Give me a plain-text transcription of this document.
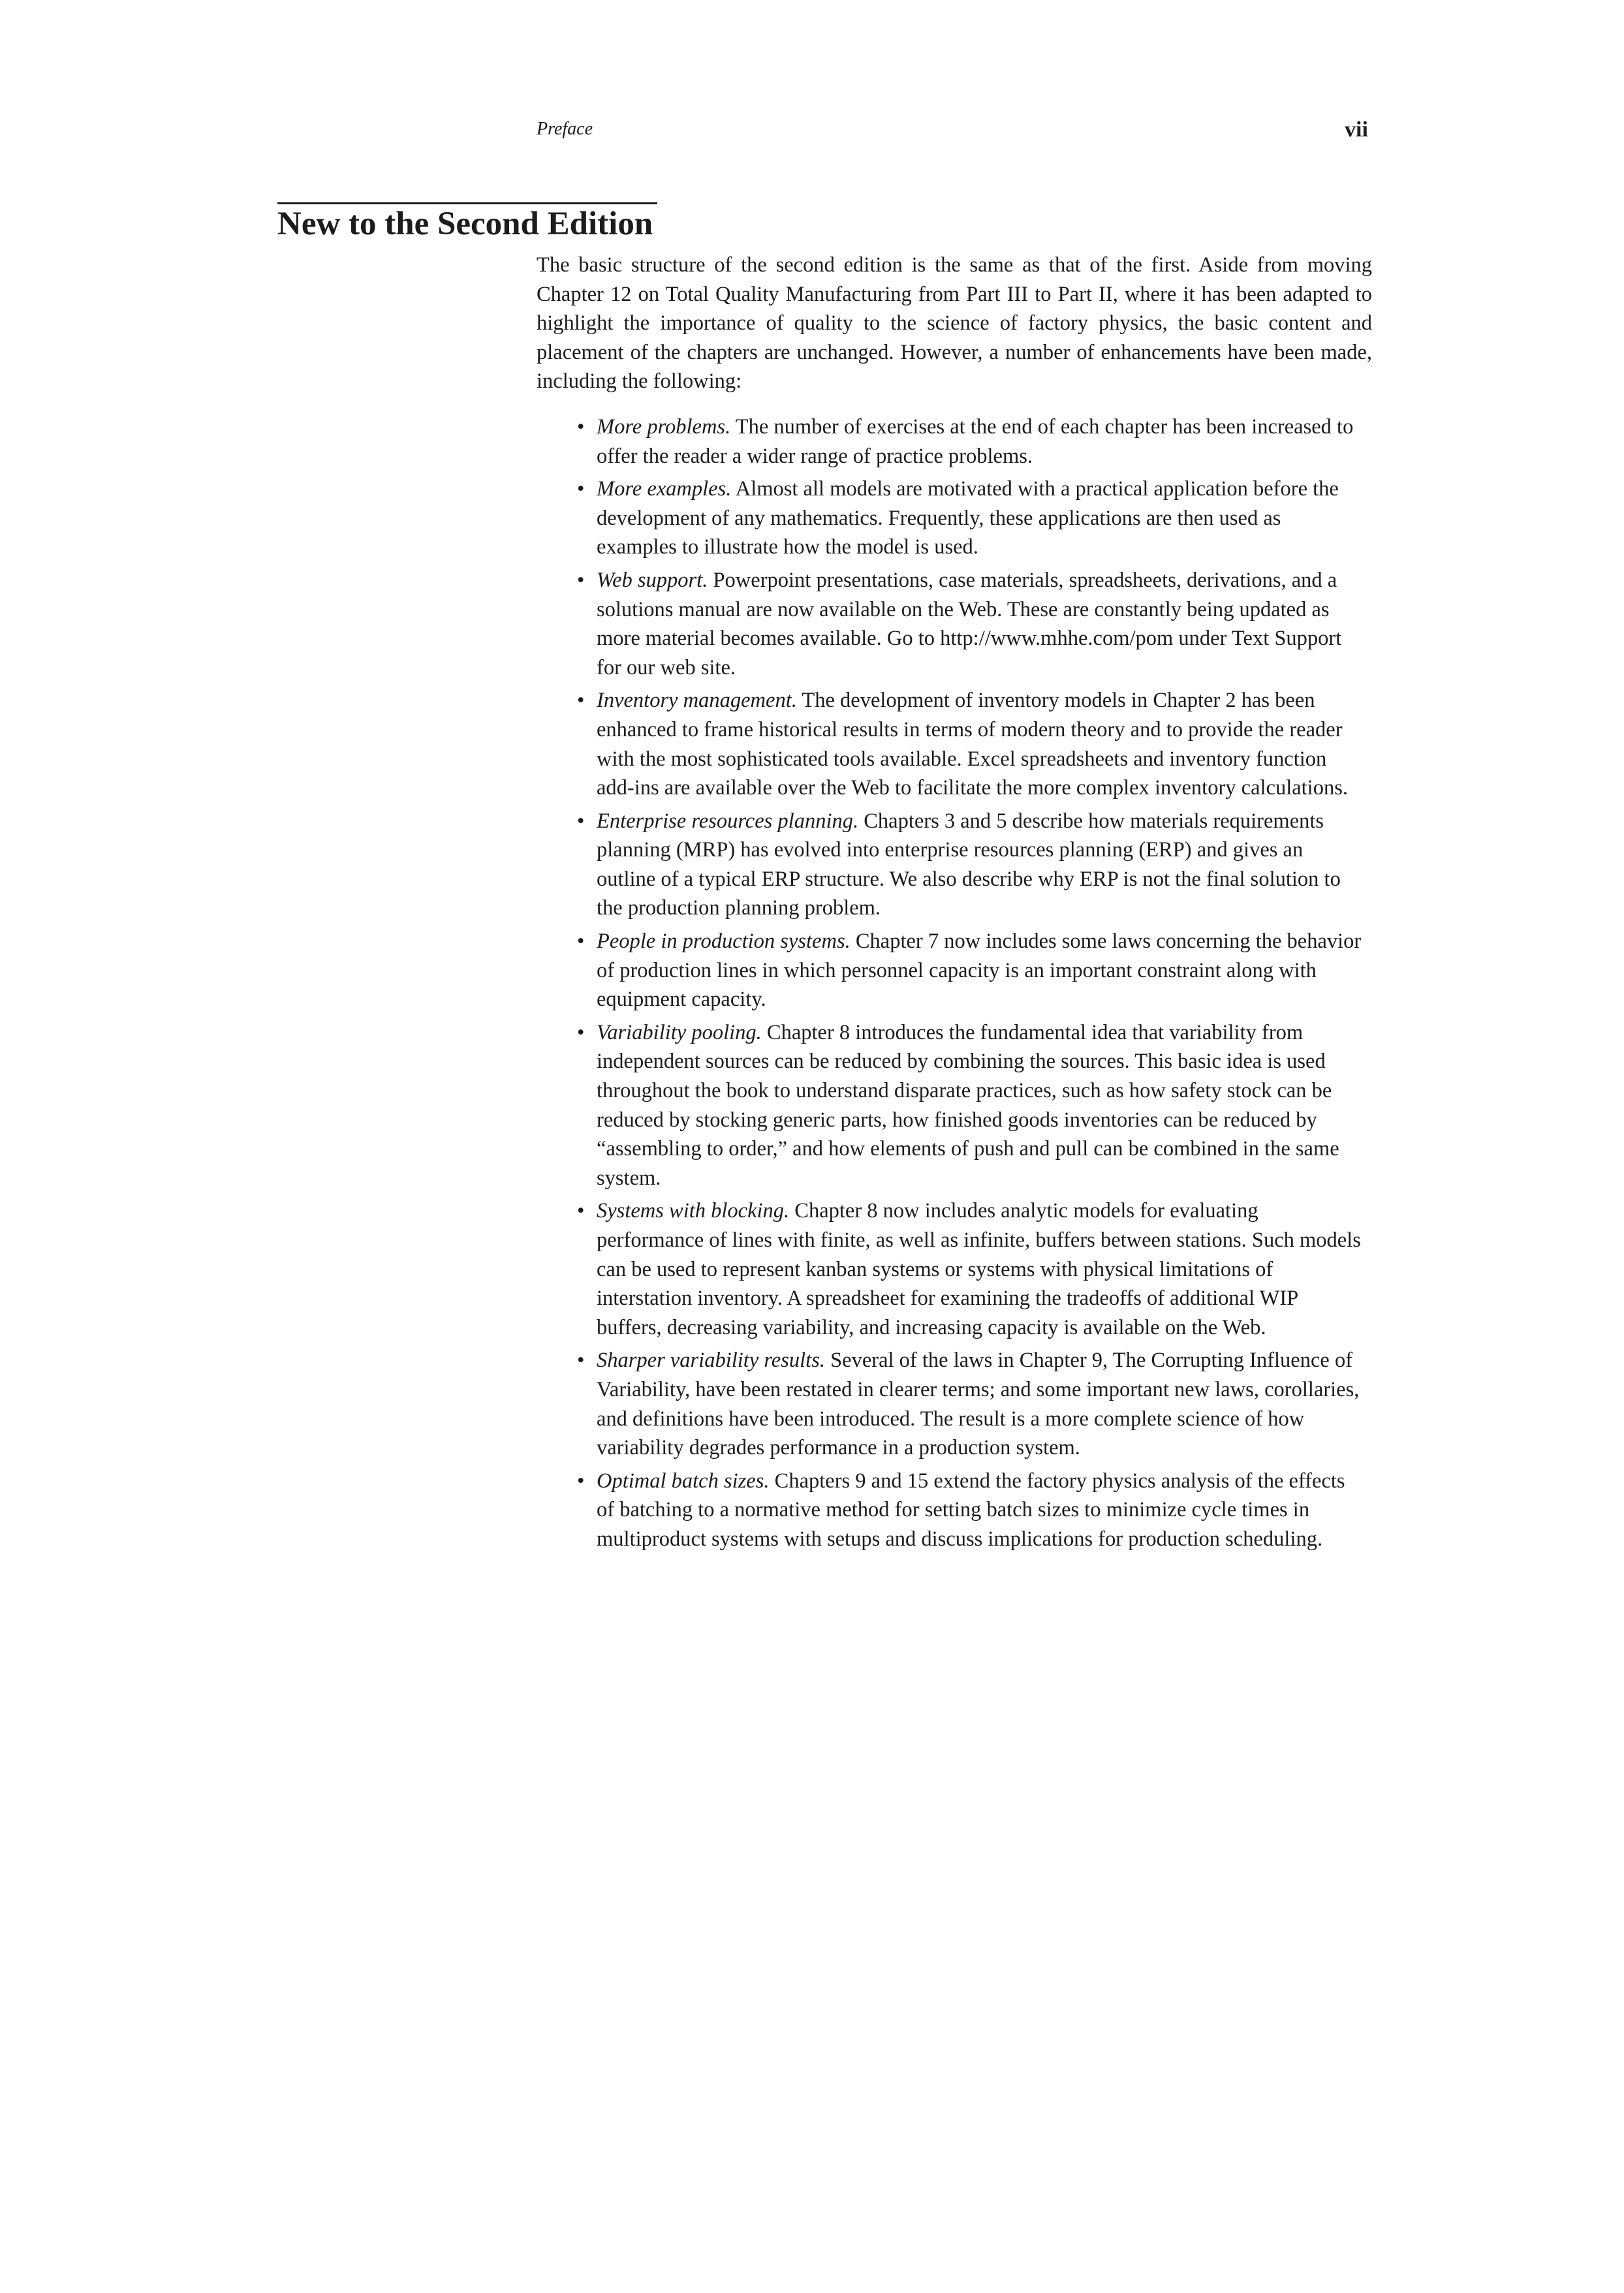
Preface	vii
New to the Second Edition

The basic structure of the second edition is the same as that of the first. Aside from moving Chapter 12 on Total Quality Manufacturing from Part III to Part II, where it has been adapted to highlight the importance of quality to the science of factory physics, the basic content and placement of the chapters are unchanged. However, a number of enhancements have been made, including the following:

• More problems. The number of exercises at the end of each chapter has been increased to offer the reader a wider range of practice problems.
• More examples. Almost all models are motivated with a practical application before the development of any mathematics. Frequently, these applications are then used as examples to illustrate how the model is used.
• Web support. Powerpoint presentations, case materials, spreadsheets, derivations, and a solutions manual are now available on the Web. These are constantly being updated as more material becomes available. Go to http://www.mhhe.com/pom under Text Support for our web site.
• Inventory management. The development of inventory models in Chapter 2 has been enhanced to frame historical results in terms of modern theory and to provide the reader with the most sophisticated tools available. Excel spreadsheets and inventory function add-ins are available over the Web to facilitate the more complex inventory calculations.
• Enterprise resources planning. Chapters 3 and 5 describe how materials requirements planning (MRP) has evolved into enterprise resources planning (ERP) and gives an outline of a typical ERP structure. We also describe why ERP is not the final solution to the production planning problem.
• People in production systems. Chapter 7 now includes some laws concerning the behavior of production lines in which personnel capacity is an important constraint along with equipment capacity.
• Variability pooling. Chapter 8 introduces the fundamental idea that variability from independent sources can be reduced by combining the sources. This basic idea is used throughout the book to understand disparate practices, such as how safety stock can be reduced by stocking generic parts, how finished goods inventories can be reduced by “assembling to order,” and how elements of push and pull can be combined in the same system.
• Systems with blocking. Chapter 8 now includes analytic models for evaluating performance of lines with finite, as well as infinite, buffers between stations. Such models can be used to represent kanban systems or systems with physical limitations of interstation inventory. A spreadsheet for examining the tradeoffs of additional WIP buffers, decreasing variability, and increasing capacity is available on the Web.
• Sharper variability results. Several of the laws in Chapter 9, The Corrupting Influence of Variability, have been restated in clearer terms; and some important new laws, corollaries, and definitions have been introduced. The result is a more complete science of how variability degrades performance in a production system.
• Optimal batch sizes. Chapters 9 and 15 extend the factory physics analysis of the effects of batching to a normative method for setting batch sizes to minimize cycle times in multiproduct systems with setups and discuss implications for production scheduling.
